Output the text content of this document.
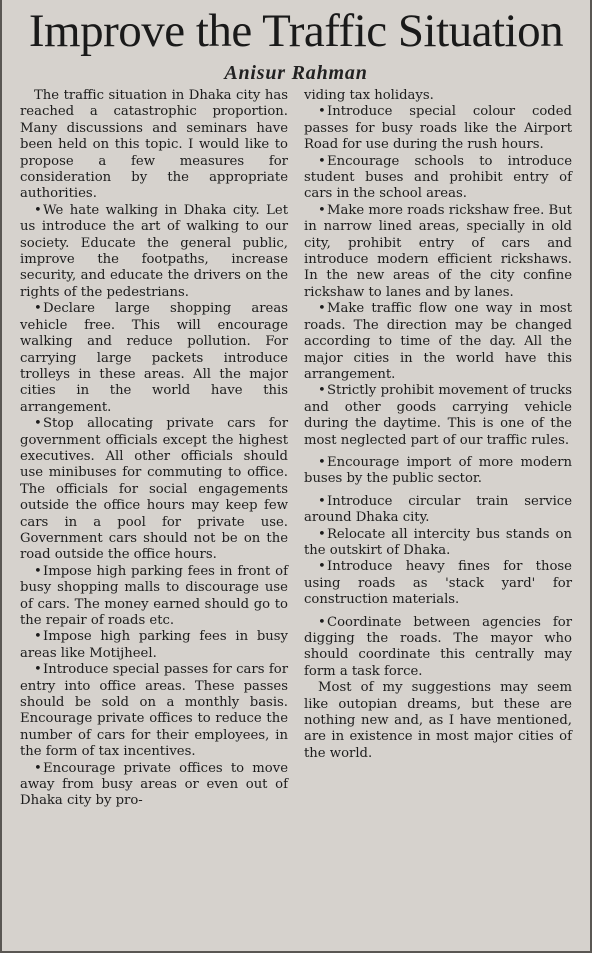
Improve the Traffic Situation

Anisur Rahman

The traffic situation in Dhaka city has reached a catastrophic proportion. Many discussions and seminars have been held on this topic. I would like to propose a few measures for consideration by the appropriate authorities.

•We hate walking in Dhaka city. Let us introduce the art of walking to our society. Educate the general public, improve the footpaths, increase security, and educate the drivers on the rights of the pedestrians.

•Declare large shopping areas vehicle free. This will encourage walking and reduce pollution. For carrying large packets introduce trolleys in these areas. All the major cities in the world have this arrangement.

•Stop allocating private cars for government officials except the highest executives. All other officials should use minibuses for commuting to office. The officials for social engagements outside the office hours may keep few cars in a pool for private use. Government cars should not be on the road outside the office hours.

•Impose high parking fees in front of busy shopping malls to discourage use of cars. The money earned should go to the repair of roads etc.

•Impose high parking fees in busy areas like Motijheel.

•Introduce special passes for cars for entry into office areas. These passes should be sold on a monthly basis. Encourage private offices to reduce the number of cars for their employees, in the form of tax incentives.

•Encourage private offices to move away from busy areas or even out of Dhaka city by pro-

viding tax holidays.

•Introduce special colour coded passes for busy roads like the Airport Road for use during the rush hours.

•Encourage schools to introduce student buses and prohibit entry of cars in the school areas.

•Make more roads rickshaw free. But in narrow lined areas, specially in old city, prohibit entry of cars and introduce modern efficient rickshaws. In the new areas of the city confine rickshaw to lanes and by lanes.

•Make traffic flow one way in most roads. The direction may be changed according to time of the day. All the major cities in the world have this arrangement.

•Strictly prohibit movement of trucks and other goods carrying vehicle during the daytime. This is one of the most neglected part of our traffic rules.

•Encourage import of more modern buses by the public sector.

•Introduce circular train service around Dhaka city.

•Relocate all intercity bus stands on the outskirt of Dhaka.

•Introduce heavy fines for those using roads as 'stack yard' for construction materials.

•Coordinate between agencies for digging the roads. The mayor who should coordinate this centrally may form a task force.

Most of my suggestions may seem like outopian dreams, but these are nothing new and, as I have mentioned, are in existence in most major cities of the world.
